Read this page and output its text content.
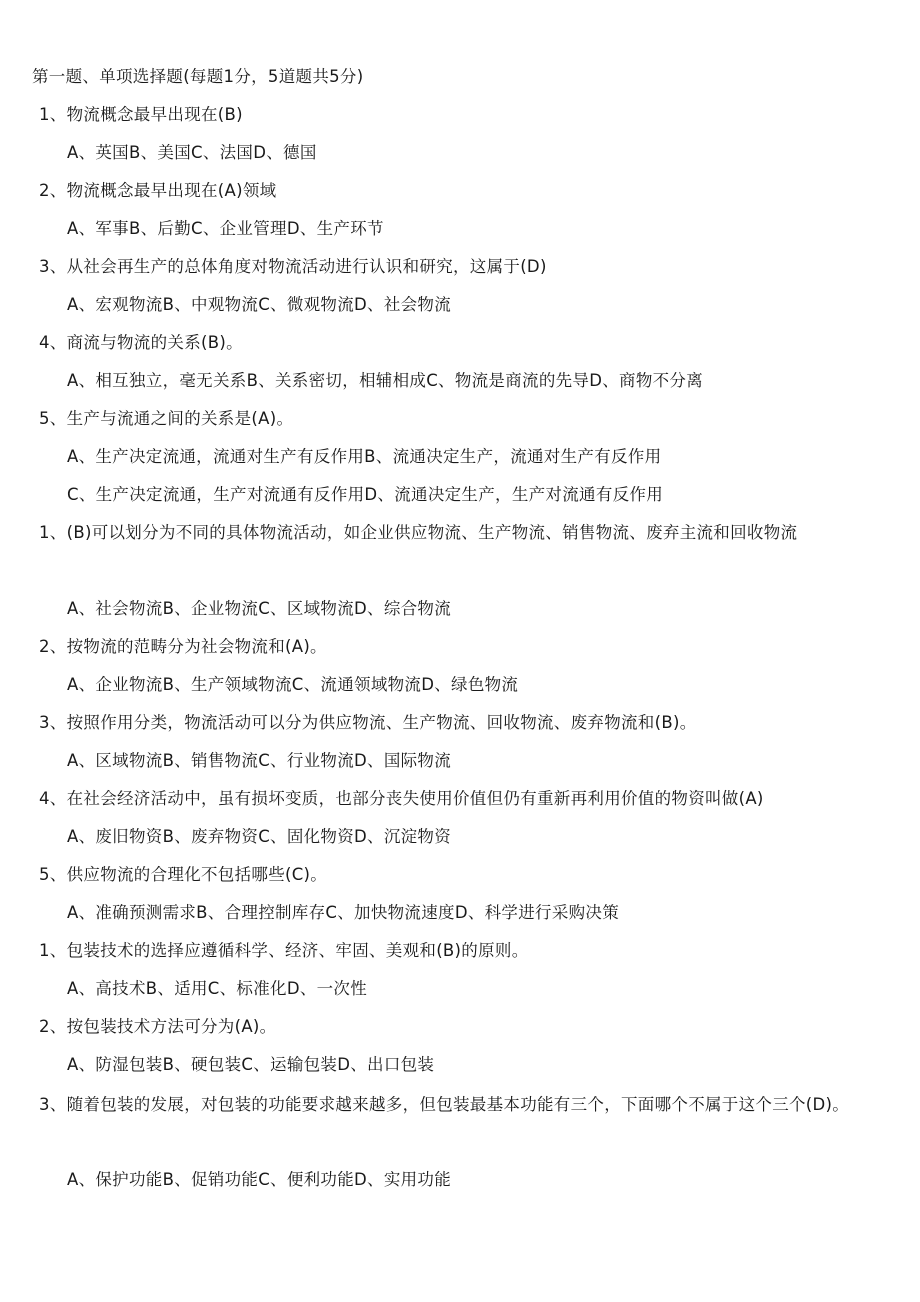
第一题、单项选择题(每题1分，5道题共5分)
1、物流概念最早出现在(B)
A、英国B、美国C、法国D、德国
2、物流概念最早出现在(A)领域
A、军事B、后勤C、企业管理D、生产环节
3、从社会再生产的总体角度对物流活动进行认识和研究，这属于(D)
A、宏观物流B、中观物流C、微观物流D、社会物流
4、商流与物流的关系(B)。
A、相互独立，毫无关系B、关系密切，相辅相成C、物流是商流的先导D、商物不分离
5、生产与流通之间的关系是(A)。
A、生产决定流通，流通对生产有反作用B、流通决定生产，流通对生产有反作用
C、生产决定流通，生产对流通有反作用D、流通决定生产，生产对流通有反作用
1、(B)可以划分为不同的具体物流活动，如企业供应物流、生产物流、销售物流、废弃主流和回收物流
A、社会物流B、企业物流C、区域物流D、综合物流
2、按物流的范畴分为社会物流和(A)。
A、企业物流B、生产领域物流C、流通领域物流D、绿色物流
3、按照作用分类，物流活动可以分为供应物流、生产物流、回收物流、废弃物流和(B)。
A、区域物流B、销售物流C、行业物流D、国际物流
4、在社会经济活动中，虽有损坏变质，也部分丧失使用价值但仍有重新再利用价值的物资叫做(A)
A、废旧物资B、废弃物资C、固化物资D、沉淀物资
5、供应物流的合理化不包括哪些(C)。
A、准确预测需求B、合理控制库存C、加快物流速度D、科学进行采购决策
1、包装技术的选择应遵循科学、经济、牢固、美观和(B)的原则。
A、高技术B、适用C、标准化D、一次性
2、按包装技术方法可分为(A)。
A、防湿包装B、硬包装C、运输包装D、出口包装
3、随着包装的发展，对包装的功能要求越来越多，但包装最基本功能有三个，下面哪个不属于这个三个(D)。
A、保护功能B、促销功能C、便利功能D、实用功能
